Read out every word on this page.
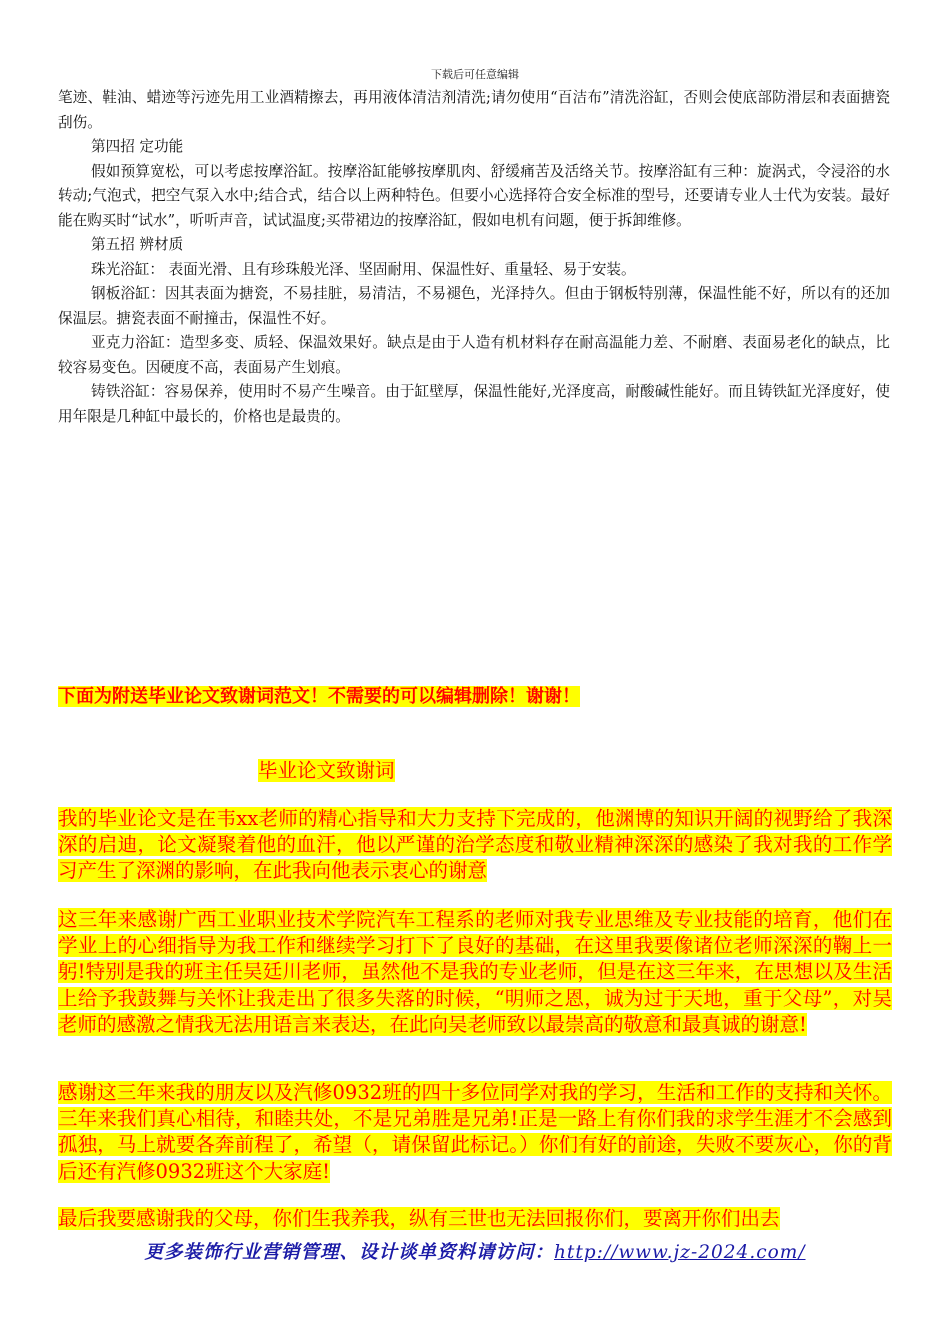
下载后可任意编辑

笔迹、鞋油、蜡迹等污迹先用工业酒精擦去，再用液体清洁剂清洗;请勿使用“百洁布”清洗浴缸，否则会使底部防滑层和表面搪瓷刮伤。

第四招 定功能

假如预算宽松，可以考虑按摩浴缸。按摩浴缸能够按摩肌肉、舒缓痛苦及活络关节。按摩浴缸有三种：旋涡式，令浸浴的水转动;气泡式，把空气泵入水中;结合式，结合以上两种特色。但要小心选择符合安全标准的型号，还要请专业人士代为安装。最好能在购买时“试水”，听听声音，试试温度;买带裙边的按摩浴缸，假如电机有问题，便于拆卸维修。

第五招 辨材质

珠光浴缸： 表面光滑、且有珍珠般光泽、坚固耐用、保温性好、重量轻、易于安装。

钢板浴缸：因其表面为搪瓷，不易挂脏，易清洁，不易褪色，光泽持久。但由于钢板特别薄，保温性能不好，所以有的还加保温层。搪瓷表面不耐撞击，保温性不好。

亚克力浴缸：造型多变、质轻、保温效果好。缺点是由于人造有机材料存在耐高温能力差、不耐磨、表面易老化的缺点，比较容易变色。因硬度不高，表面易产生划痕。

铸铁浴缸：容易保养，使用时不易产生噪音。由于缸壁厚，保温性能好,光泽度高，耐酸碱性能好。而且铸铁缸光泽度好，使用年限是几种缸中最长的，价格也是最贵的。

下面为附送毕业论文致谢词范文！不需要的可以编辑删除！谢谢！
毕业论文致谢词
我的毕业论文是在韦xx老师的精心指导和大力支持下完成的，他渊博的知识开阔的视野给了我深深的启迪，论文凝聚着他的血汗，他以严谨的治学态度和敬业精神深深的感染了我对我的工作学习产生了深渊的影响，在此我向他表示衷心的谢意
这三年来感谢广西工业职业技术学院汽车工程系的老师对我专业思维及专业技能的培育，他们在学业上的心细指导为我工作和继续学习打下了良好的基础，在这里我要像诸位老师深深的鞠上一躬!特别是我的班主任吴廷川老师，虽然他不是我的专业老师，但是在这三年来，在思想以及生活上给予我鼓舞与关怀让我走出了很多失落的时候，“明师之恩，诚为过于天地，重于父母”，对吴老师的感激之情我无法用语言来表达，在此向吴老师致以最崇高的敬意和最真诚的谢意!
感谢这三年来我的朋友以及汽修0932班的四十多位同学对我的学习，生活和工作的支持和关怀。三年来我们真心相待，和睦共处，不是兄弟胜是兄弟!正是一路上有你们我的求学生涯才不会感到孤独，马上就要各奔前程了，希望（，请保留此标记。）你们有好的前途，失败不要灰心，你的背后还有汽修0932班这个大家庭!
最后我要感谢我的父母，你们生我养我，纵有三世也无法回报你们，要离开你们出去
更多装饰行业营销管理、设计谈单资料请访问：http://www.jz-2024.com/
